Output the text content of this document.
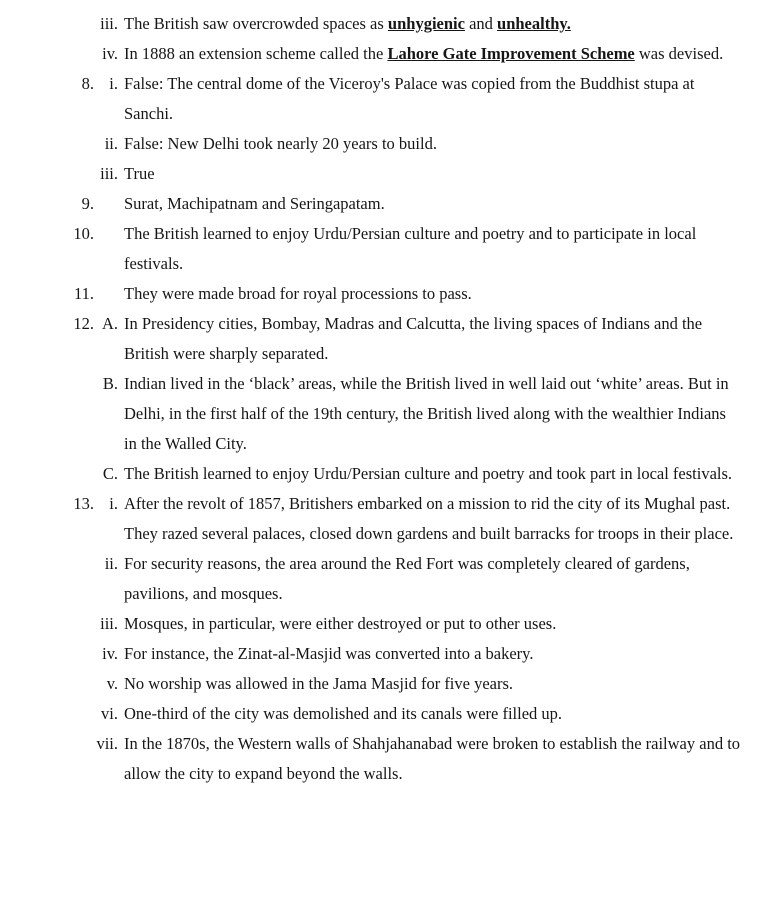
iii. The British saw overcrowded spaces as unhygienic and unhealthy.
iv. In 1888 an extension scheme called the Lahore Gate Improvement Scheme was devised.
8. i. False: The central dome of the Viceroy's Palace was copied from the Buddhist stupa at Sanchi.
ii. False: New Delhi took nearly 20 years to build.
iii. True
9.	Surat, Machipatnam and Seringapatam.
10.	The British learned to enjoy Urdu/Persian culture and poetry and to participate in local festivals.
11.	They were made broad for royal processions to pass.
12. A. In Presidency cities, Bombay, Madras and Calcutta, the living spaces of Indians and the British were sharply separated.
B. Indian lived in the ‘black’ areas, while the British lived in well laid out ‘white’ areas. But in Delhi, in the first half of the 19th century, the British lived along with the wealthier Indians in the Walled City.
C. The British learned to enjoy Urdu/Persian culture and poetry and took part in local festivals.
13. i. After the revolt of 1857, Britishers embarked on a mission to rid the city of its Mughal past. They razed several palaces, closed down gardens and built barracks for troops in their place.
ii. For security reasons, the area around the Red Fort was completely cleared of gardens, pavilions, and mosques.
iii. Mosques, in particular, were either destroyed or put to other uses.
iv. For instance, the Zinat-al-Masjid was converted into a bakery.
v. No worship was allowed in the Jama Masjid for five years.
vi. One-third of the city was demolished and its canals were filled up.
vii. In the 1870s, the Western walls of Shahjahanabad were broken to establish the railway and to allow the city to expand beyond the walls.
